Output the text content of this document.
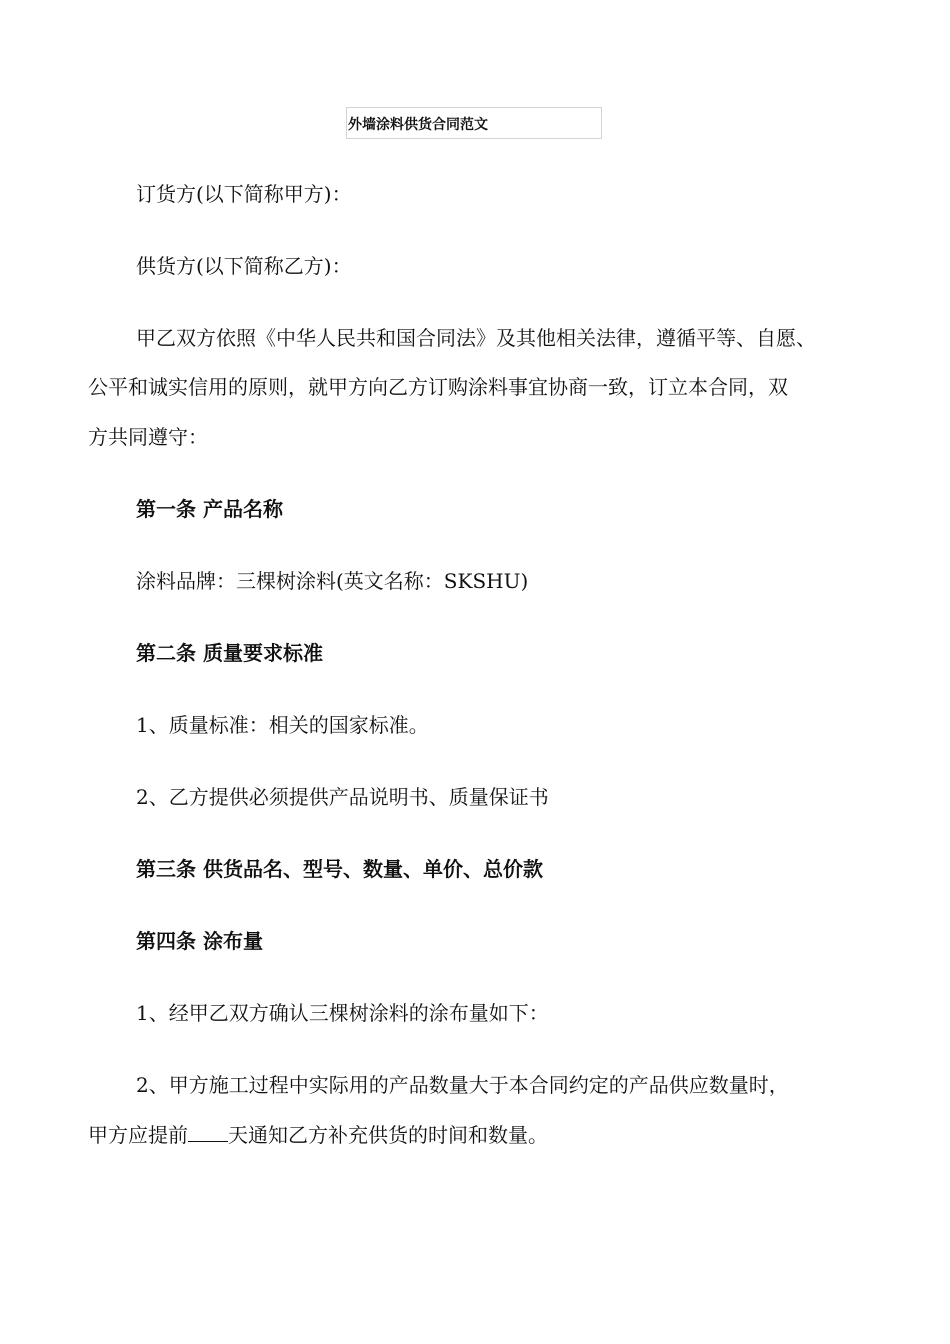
外墙涂料供货合同范文
订货方(以下简称甲方)：
供货方(以下简称乙方)：
甲乙双方依照《中华人民共和国合同法》及其他相关法律，遵循平等、自愿、
公平和诚实信用的原则，就甲方向乙方订购涂料事宜协商一致，订立本合同，双
方共同遵守：
第一条 产品名称
涂料品牌：三棵树涂料(英文名称：SKSHU)
第二条 质量要求标准
1、质量标准：相关的国家标准。
2、乙方提供必须提供产品说明书、质量保证书
第三条 供货品名、型号、数量、单价、总价款
第四条 涂布量
1、经甲乙双方确认三棵树涂料的涂布量如下：
2、甲方施工过程中实际用的产品数量大于本合同约定的产品供应数量时，
甲方应提前 天通知乙方补充供货的时间和数量。
